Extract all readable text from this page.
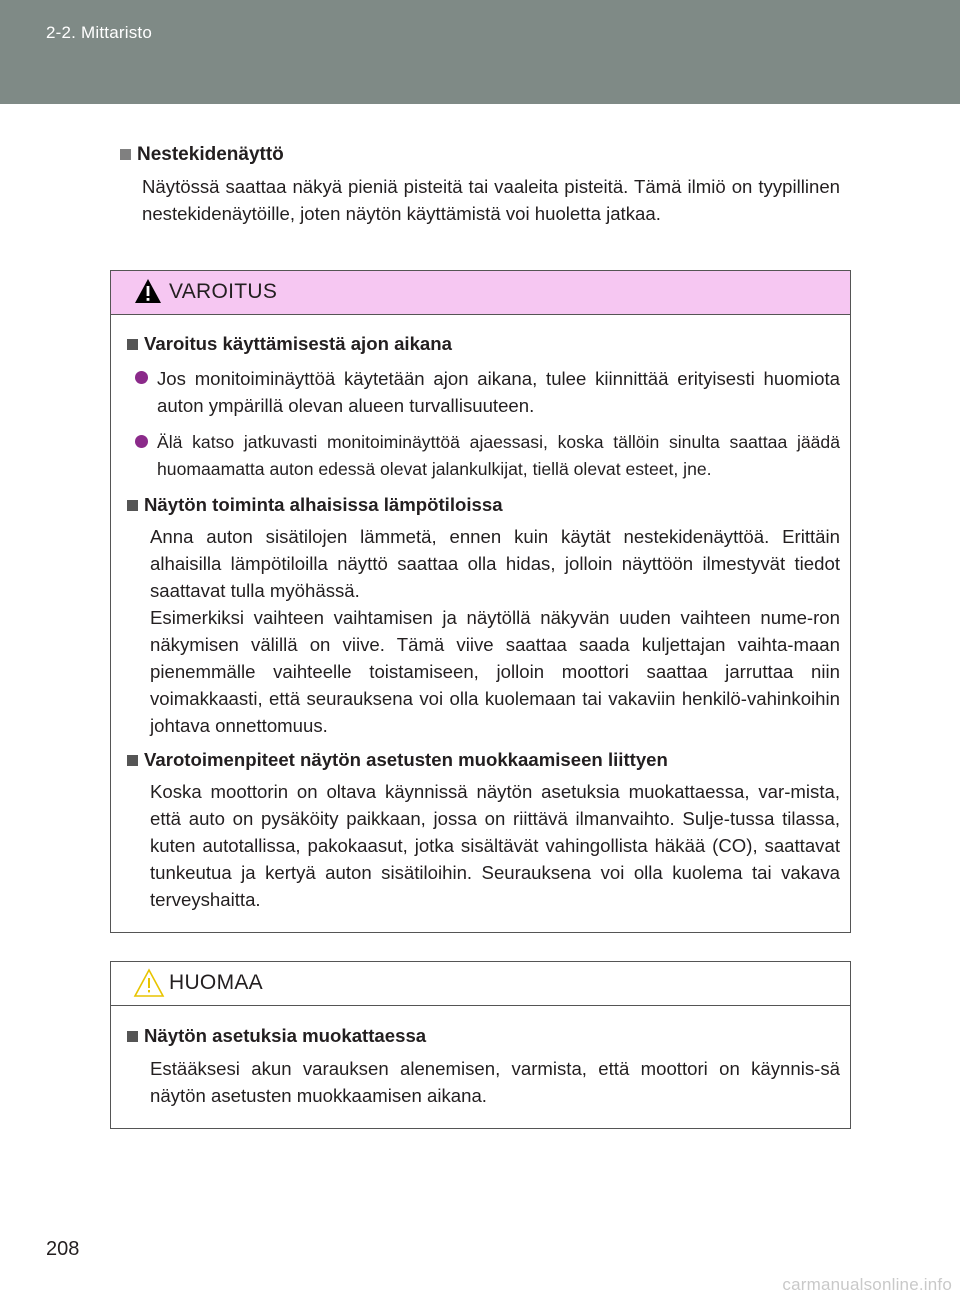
2-2. Mittaristo
Nestekidenäyttö

Näytössä saattaa näkyä pieniä pisteitä tai vaaleita pisteitä. Tämä ilmiö on tyypillinen nestekidenäytöille, joten näytön käyttämistä voi huoletta jatkaa.

VAROITUS

Varoitus käyttämisestä ajon aikana

Jos monitoiminäyttöä käytetään ajon aikana, tulee kiinnittää erityisesti huomiota auton ympärillä olevan alueen turvallisuuteen.

Älä katso jatkuvasti monitoiminäyttöä ajaessasi, koska tällöin sinulta saattaa jäädä huomaamatta auton edessä olevat jalankulkijat, tiellä olevat esteet, jne.

Näytön toiminta alhaisissa lämpötiloissa

Anna auton sisätilojen lämmetä, ennen kuin käytät nestekidenäyttöä. Erittäin alhaisilla lämpötiloilla näyttö saattaa olla hidas, jolloin näyttöön ilmestyvät tiedot saattavat tulla myöhässä.

Esimerkiksi vaihteen vaihtamisen ja näytöllä näkyvän uuden vaihteen nume-ron näkymisen välillä on viive. Tämä viive saattaa saada kuljettajan vaihta-maan pienemmälle vaihteelle toistamiseen, jolloin moottori saattaa jarruttaa niin voimakkaasti, että seurauksena voi olla kuolemaan tai vakaviin henkilö-vahinkoihin johtava onnettomuus.

Varotoimenpiteet näytön asetusten muokkaamiseen liittyen

Koska moottorin on oltava käynnissä näytön asetuksia muokattaessa, var-mista, että auto on pysäköity paikkaan, jossa on riittävä ilmanvaihto. Sulje-tussa tilassa, kuten autotallissa, pakokaasut, jotka sisältävät vahingollista häkää (CO), saattavat tunkeutua ja kertyä auton sisätiloihin. Seurauksena voi olla kuolema tai vakava terveyshaitta.

HUOMAA

Näytön asetuksia muokattaessa

Estääksesi akun varauksen alenemisen, varmista, että moottori on käynnis-sä näytön asetusten muokkaamisen aikana.

208
carmanualsonline.info
